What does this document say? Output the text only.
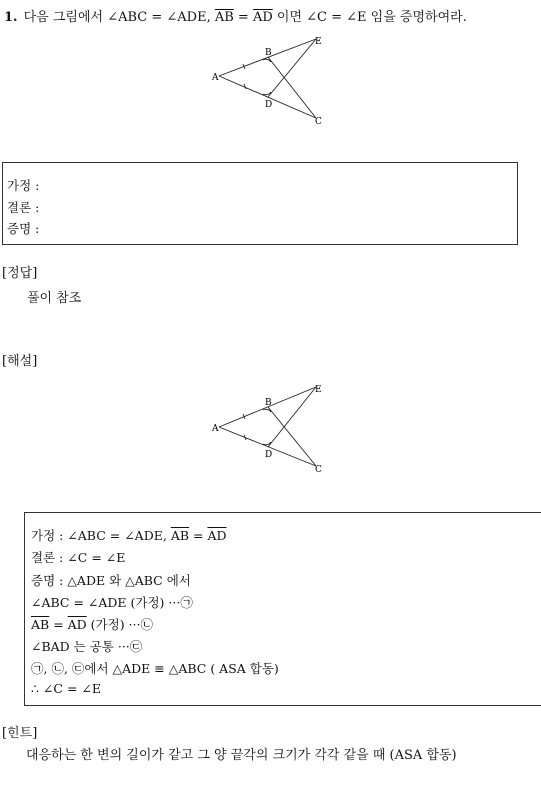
1. 다음 그림에서 ∠ABC = ∠ADE, $\overline{AB} = \overline{AD}$ 이면 ∠C = ∠E 임을 증명하여라.
A
B
D
E
C
가정 :
결론 :
증명 :
[정답]
풀이 참조
[해설]
A
B
D
E
C
가정 : ∠ABC = ∠ADE, $\overline{AB} = \overline{AD}$
결론 : ∠C = ∠E
증명 : △ADE 와 △ABC 에서
∠ABC = ∠ADE (가정) ···㉠
$\overline{AB} = \overline{AD}$ (가정) ···㉡
∠BAD 는 공통 ···㉢
㉠, ㉡, ㉢에서 △ADE ≡ △ABC ( ASA 합동)
∴ ∠C = ∠E
[힌트]
대응하는 한 변의 길이가 같고 그 양 끝각의 크기가 각각 같을 때 (ASA 합동)
